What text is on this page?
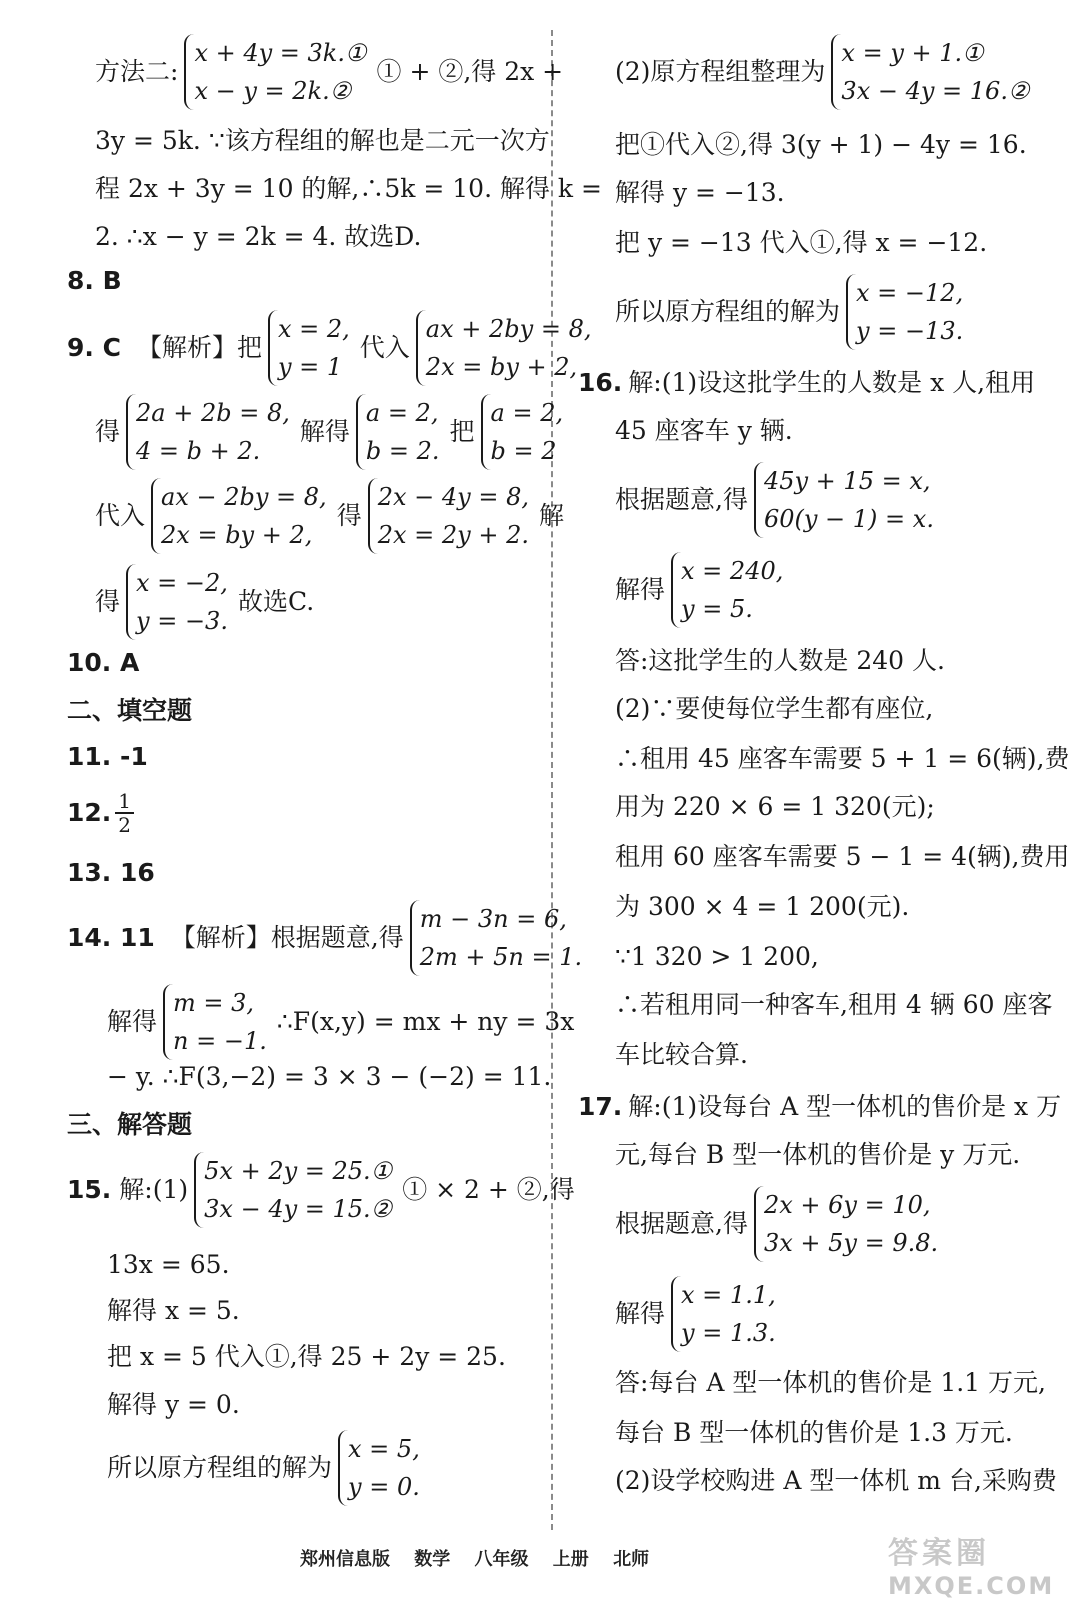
方法二:
x + 4y = 3k.①
x − y = 2k.②
① + ②,得 2x +
3y = 5k. ∵该方程组的解也是二元一次方
程 2x + 3y = 10 的解,∴5k = 10. 解得 k =
2. ∴x − y = 2k = 4. 故选D.
8. B
9. C 【解析】把
x = 2,
y = 1
代入
ax + 2by = 8,
2x = by + 2,
得
2a + 2b = 8,
4 = b + 2.
解得
a = 2,
b = 2.
把
a = 2,
b = 2
代入
ax − 2by = 8,
2x = by + 2,
得
2x − 4y = 8,
2x = 2y + 2.
解
得
x = −2,
y = −3.
故选C.
10. A
二、填空题
11. -1
12. $\frac{1}{2}$
13. 16
14. 11 【解析】根据题意,得
m − 3n = 6,
2m + 5n = 1.
解得
m = 3,
n = −1.
∴F(x,y) = mx + ny = 3x
− y. ∴F(3,−2) = 3 × 3 − (−2) = 11.
三、解答题
15. 解:(1)
5x + 2y = 25.①
3x − 4y = 15.②
① × 2 + ②,得
13x = 65.
解得 x = 5.
把 x = 5 代入①,得 25 + 2y = 25.
解得 y = 0.
所以原方程组的解为
x = 5,
y = 0.
(2)原方程组整理为
x = y + 1.①
3x − 4y = 16.②
把①代入②,得 3(y + 1) − 4y = 16.
解得 y = −13.
把 y = −13 代入①,得 x = −12.
所以原方程组的解为
x = −12,
y = −13.
16. 解:(1)设这批学生的人数是 x 人,租用
45 座客车 y 辆.
根据题意,得
45y + 15 = x,
60(y − 1) = x.
解得
x = 240,
y = 5.
答:这批学生的人数是 240 人.
(2)∵要使每位学生都有座位,
∴租用 45 座客车需要 5 + 1 = 6(辆),费
用为 220 × 6 = 1 320(元);
租用 60 座客车需要 5 − 1 = 4(辆),费用
为 300 × 4 = 1 200(元).
∵1 320 > 1 200,
∴若租用同一种客车,租用 4 辆 60 座客
车比较合算.
17. 解:(1)设每台 A 型一体机的售价是 x 万
元,每台 B 型一体机的售价是 y 万元.
根据题意,得
2x + 6y = 10,
3x + 5y = 9.8.
解得
x = 1.1,
y = 1.3.
答:每台 A 型一体机的售价是 1.1 万元,
每台 B 型一体机的售价是 1.3 万元.
(2)设学校购进 A 型一体机 m 台,采购费
郑州信息版 数学 八年级 上册 北师	答案圈
MXQE.COM
